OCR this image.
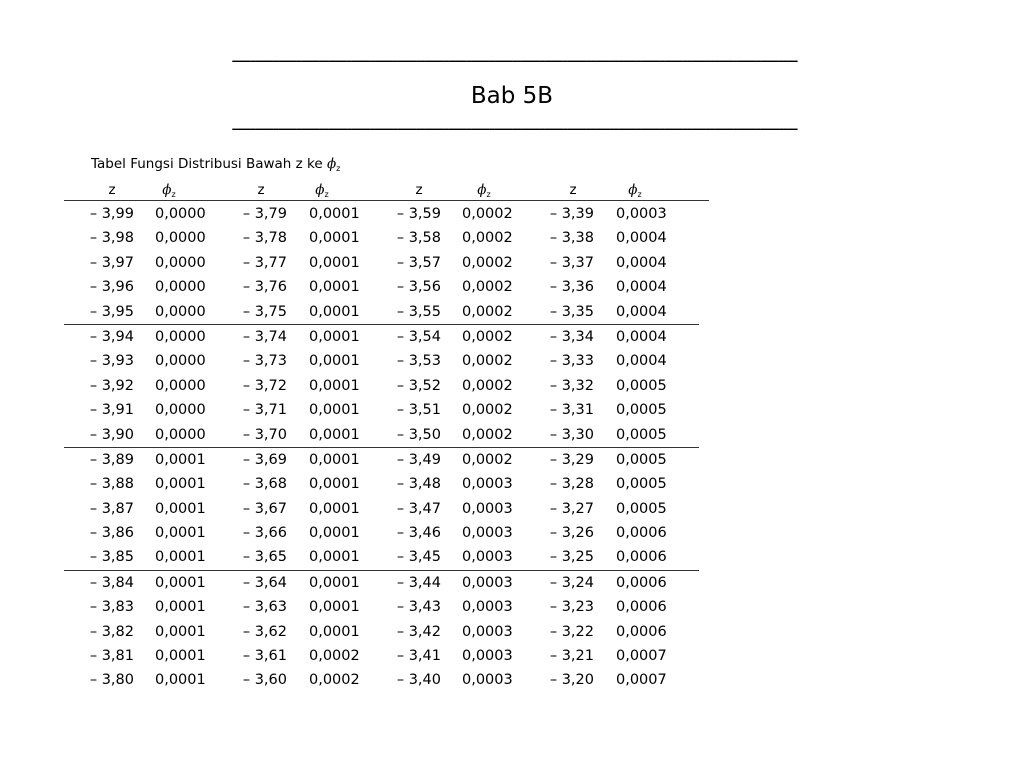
---------------------------------------------------------------------------------------------------------------------------
Bab 5B
---------------------------------------------------------------------------------------------------------------------------
Tabel Fungsi Distribusi Bawah z ke $\phi_z$
z	$\phi_z$	z	$\phi_z$	z	$\phi_z$	z	$\phi_z$
– 3,99 0,0000	– 3,79 0,0001	– 3,59 0,0002	– 3,39 0,0003
– 3,98 0,0000	– 3,78 0,0001	– 3,58 0,0002	– 3,38 0,0004
– 3,97 0,0000	– 3,77 0,0001	– 3,57 0,0002	– 3,37 0,0004
– 3,96 0,0000	– 3,76 0,0001	– 3,56 0,0002	– 3,36 0,0004
– 3,95 0,0000	– 3,75 0,0001	– 3,55 0,0002	– 3,35 0,0004
– 3,94 0,0000	– 3,74 0,0001	– 3,54 0,0002	– 3,34 0,0004
– 3,93 0,0000	– 3,73 0,0001	– 3,53 0,0002	– 3,33 0,0004
– 3,92 0,0000	– 3,72 0,0001	– 3,52 0,0002	– 3,32 0,0005
– 3,91 0,0000	– 3,71 0,0001	– 3,51 0,0002	– 3,31 0,0005
– 3,90 0,0000	– 3,70 0,0001	– 3,50 0,0002	– 3,30 0,0005
– 3,89 0,0001	– 3,69 0,0001	– 3,49 0,0002	– 3,29 0,0005
– 3,88 0,0001	– 3,68 0,0001	– 3,48 0,0003	– 3,28 0,0005
– 3,87 0,0001	– 3,67 0,0001	– 3,47 0,0003	– 3,27 0,0005
– 3,86 0,0001	– 3,66 0,0001	– 3,46 0,0003	– 3,26 0,0006
– 3,85 0,0001	– 3,65 0,0001	– 3,45 0,0003	– 3,25 0,0006
– 3,84 0,0001	– 3,64 0,0001	– 3,44 0,0003	– 3,24 0,0006
– 3,83 0,0001	– 3,63 0,0001	– 3,43 0,0003	– 3,23 0,0006
– 3,82 0,0001	– 3,62 0,0001	– 3,42 0,0003	– 3,22 0,0006
– 3,81 0,0001	– 3,61 0,0002	– 3,41 0,0003	– 3,21 0,0007
– 3,80 0,0001	– 3,60 0,0002	– 3,40 0,0003	– 3,20 0,0007
